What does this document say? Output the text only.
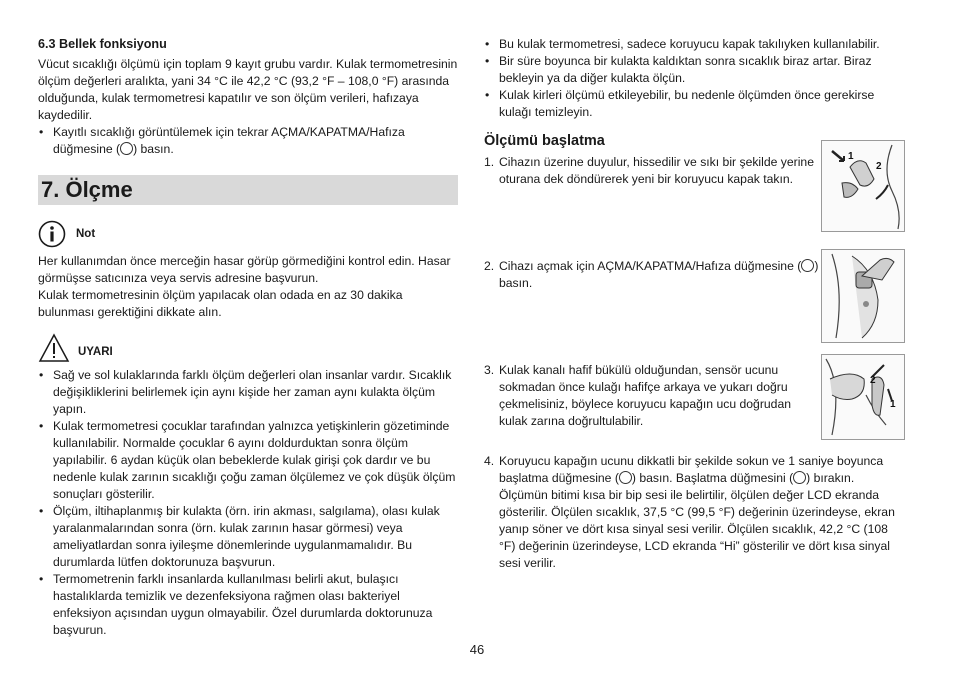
6.3 Bellek fonksiyonu

Vücut sıcaklığı ölçümü için toplam 9 kayıt grubu vardır. Kulak termometresinin ölçüm değerleri aralıkta, yani 34 °C ile 42,2 °C (93,2 °F – 108,0 °F) arasında olduğunda, kulak termometresi kapatılır ve son ölçüm verileri, hafızaya kaydedilir.

• Kayıtlı sıcaklığı görüntülemek için tekrar AÇMA/KAPATMA/Hafıza düğmesine ( ) basın.
7. Ölçme
Not

Her kullanımdan önce merceğin hasar görüp görmediğini kontrol edin. Hasar görmüşse satıcınıza veya servis adresine başvurun.

Kulak termometresinin ölçüm yapılacak olan odada en az 30 dakika bulunması gerektiğini dikkate alın.

UYARI
• Sağ ve sol kulaklarında farklı ölçüm değerleri olan insanlar vardır. Sıcaklık değişikliklerini belirlemek için aynı kişide her zaman aynı kulakta ölçüm yapın.
• Kulak termometresi çocuklar tarafından yalnızca yetişkinlerin gözetiminde kullanılabilir. Normalde çocuklar 6 ayını doldurduktan sonra ölçüm yapılabilir. 6 aydan küçük olan bebeklerde kulak girişi çok dardır ve bu nedenle kulak zarının sıcaklığı çoğu zaman ölçülemez ve çok düşük ölçüm sonuçları gösterilir.
• Ölçüm, iltihaplanmış bir kulakta (örn. irin akması, salgılama), olası kulak yaralanmalarından sonra (örn. kulak zarının hasar görmesi) veya ameliyatlardan sonra iyileşme dönemlerinde uygulanmamalıdır. Bu durumlarda lütfen doktorunuza başvurun.
• Termometrenin farklı insanlarda kullanılması belirli akut, bulaşıcı hastalıklarda temizlik ve dezenfeksiyona rağmen olası bakteriyel enfeksiyon açısından uygun olmayabilir. Özel durumlarda doktorunuza başvurun.
• Bu kulak termometresi, sadece koruyucu kapak takılıyken kullanılabilir.
• Bir süre boyunca bir kulakta kaldıktan sonra sıcaklık biraz artar. Biraz bekleyin ya da diğer kulakta ölçün.
• Kulak kirleri ölçümü etkileyebilir, bu nedenle ölçümden önce gerekirse kulağı temizleyin.

Ölçümü başlatma

1. Cihazın üzerine duyulur, hissedilir ve sıkı bir şekilde yerine oturana dek döndürerek yeni bir koruyucu kapak takın.
1
2
2. Cihazı açmak için AÇMA/KAPATMA/Hafıza düğmesine ( ) basın.
3. Kulak kanalı hafif bükülü olduğundan, sensör ucunu sokmadan önce kulağı hafifçe arkaya ve yukarı doğru çekmelisiniz, böylece koruyucu kapağın ucu doğrudan kulak zarına doğrultulabilir.
2
1
4. Koruyucu kapağın ucunu dikkatli bir şekilde sokun ve 1 saniye boyunca başlatma düğmesine ( ) basın. Başlatma düğmesini ( ) bırakın. Ölçümün bitimi kısa bir bip sesi ile belirtilir, ölçülen değer LCD ekranda gösterilir. Ölçülen sıcaklık, 37,5 °C (99,5 °F) değerinin üzerindeyse, ekran yanıp söner ve dört kısa sinyal sesi verilir. Ölçülen sıcaklık, 42,2 °C (108 °F) değerinin üzerindeyse, LCD ekranda “Hi” gösterilir ve dört kısa sinyal sesi verilir.
46
